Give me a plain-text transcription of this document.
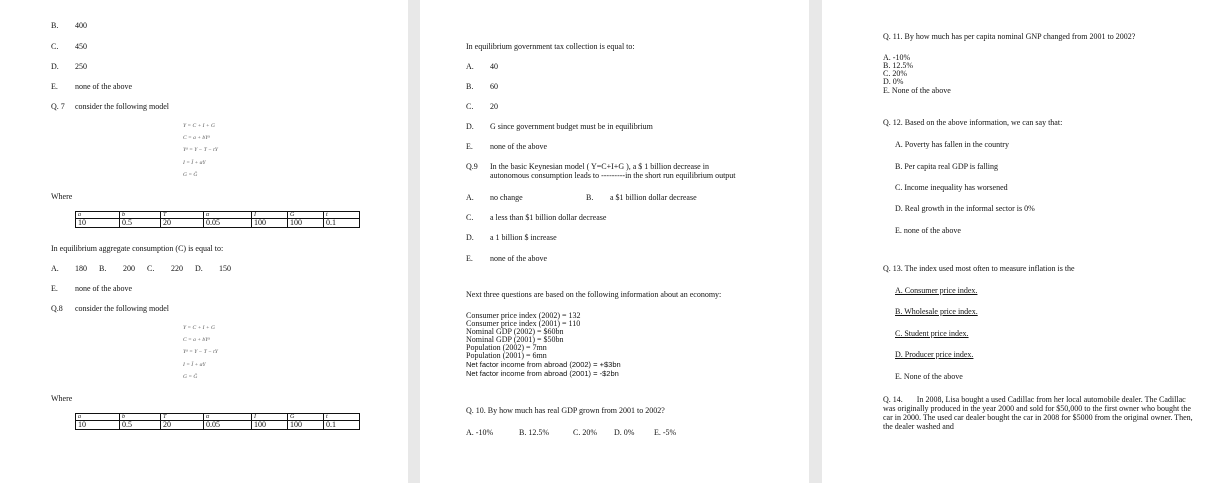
B. 400
C. 450
D. 250
E. none of the above
Q. 7 consider the following model
Y = C + I + G
C = a + bYᵈ
Yᵈ = Y − T − tY
I = Ī + αY
G = Ḡ
Where
a	b	T	α	I	G	t
10	0.5	20	0.05	100	100	0.1
In equilibrium aggregate consumption (C) is equal to:
A. 180 B. 200 C. 220 D. 150
E. none of the above
Q.8 consider the following model
Y = C + I + G
C = a + bYᵈ
Yᵈ = Y − T − tY
I = Ī + αY
G = Ḡ
Where
a	b	T	α	I	G	t
10	0.5	20	0.05	100	100	0.1
In equilibrium government tax collection is equal to:
A. 40
B. 60
C. 20
D. G since government budget must be in equilibrium
E. none of the above
Q.9 In the basic Keynesian model ( Y=C+I+G ), a $ 1 billion decrease in
autonomous consumption leads to ---------in the short run equilibrium output
A. no change	B. a $1 billion dollar decrease
C. a less than $1 billion dollar decrease
D. a 1 billion $ increase
E. none of the above
Next three questions are based on the following information about an economy:
Consumer price index (2002) = 132
Consumer price index (2001) = 110
Nominal GDP (2002) = $60bn
Nominal GDP (2001) = $50bn
Population (2002) = 7mn
Population (2001) = 6mn
Net factor income from abroad (2002) = +$3bn
Net factor income from abroad (2001) = -$2bn
Q. 10. By how much has real GDP grown from 2001 to 2002?
A. -10%	B. 12.5%	C. 20% D. 0% E. -5%
Q. 11. By how much has per capita nominal GNP changed from 2001 to 2002?
A. -10%
B. 12.5%
C. 20%
D. 0%
E. None of the above
Q. 12. Based on the above information, we can say that:
A. Poverty has fallen in the country
B. Per capita real GDP is falling
C. Income inequality has worsened
D. Real growth in the informal sector is 0%
E. none of the above
Q. 13. The index used most often to measure inflation is the
A. Consumer price index.
B. Wholesale price index.
C. Student price index.
D. Producer price index.
E. None of the above
Q. 14. In 2008, Lisa bought a used Cadillac from her local automobile dealer. The Cadillac was originally produced in the year 2000 and sold for $50,000 to the first owner who bought the car in 2000. The used car dealer bought the car in 2008 for $5000 from the original owner. Then, the dealer washed and
